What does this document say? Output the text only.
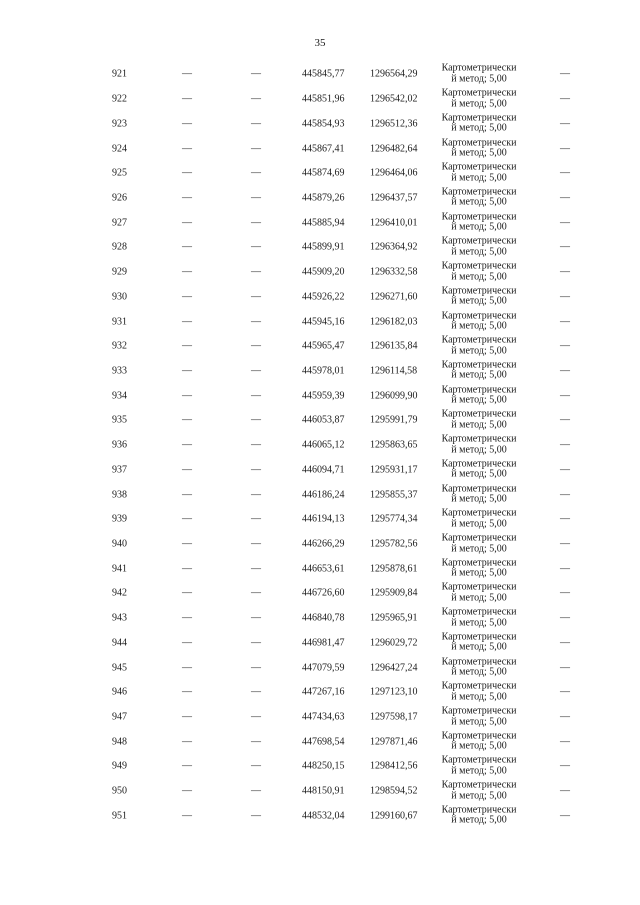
35
921	—	—	445845,77	1296564,29
Картометрически
й метод; 5,00	—
922	—	—	445851,96	1296542,02
Картометрически
й метод; 5,00	—
923	—	—	445854,93	1296512,36
Картометрически
й метод; 5,00	—
924	—	—	445867,41	1296482,64
Картометрически
й метод; 5,00	—
925	—	—	445874,69	1296464,06
Картометрически
й метод; 5,00	—
926	—	—	445879,26	1296437,57
Картометрически
й метод; 5,00	—
927	—	—	445885,94	1296410,01
Картометрически
й метод; 5,00	—
928	—	—	445899,91	1296364,92
Картометрически
й метод; 5,00	—
929	—	—	445909,20	1296332,58
Картометрически
й метод; 5,00	—
930	—	—	445926,22	1296271,60
Картометрически
й метод; 5,00	—
931	—	—	445945,16	1296182,03
Картометрически
й метод; 5,00	—
932	—	—	445965,47	1296135,84
Картометрически
й метод; 5,00	—
933	—	—	445978,01	1296114,58
Картометрически
й метод; 5,00	—
934	—	—	445959,39	1296099,90
Картометрически
й метод; 5,00	—
935	—	—	446053,87	1295991,79
Картометрически
й метод; 5,00	—
936	—	—	446065,12	1295863,65
Картометрически
й метод; 5,00	—
937	—	—	446094,71	1295931,17
Картометрически
й метод; 5,00	—
938	—	—	446186,24	1295855,37
Картометрически
й метод; 5,00	—
939	—	—	446194,13	1295774,34
Картометрически
й метод; 5,00	—
940	—	—	446266,29	1295782,56
Картометрически
й метод; 5,00	—
941	—	—	446653,61	1295878,61
Картометрически
й метод; 5,00	—
942	—	—	446726,60	1295909,84
Картометрически
й метод; 5,00	—
943	—	—	446840,78	1295965,91
Картометрически
й метод; 5,00	—
944	—	—	446981,47	1296029,72
Картометрически
й метод; 5,00	—
945	—	—	447079,59	1296427,24
Картометрически
й метод; 5,00	—
946	—	—	447267,16	1297123,10
Картометрически
й метод; 5,00	—
947	—	—	447434,63	1297598,17
Картометрически
й метод; 5,00	—
948	—	—	447698,54	1297871,46
Картометрически
й метод; 5,00	—
949	—	—	448250,15	1298412,56
Картометрически
й метод; 5,00	—
950	—	—	448150,91	1298594,52
Картометрически
й метод; 5,00	—
951	—	—	448532,04	1299160,67
Картометрически
й метод; 5,00	—
